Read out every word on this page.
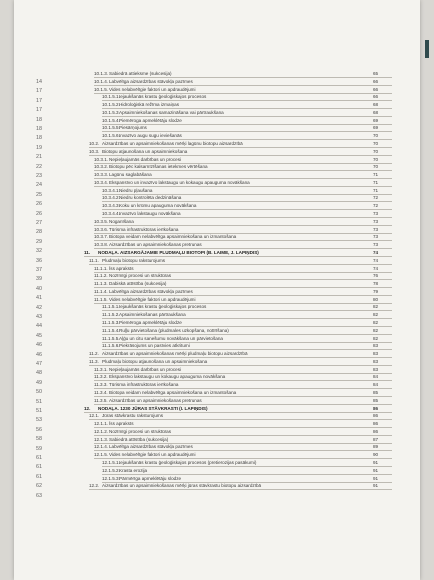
14
17
17
17
18
18
18
19
21
22
23
24
25
26
26
27
28
29
32
36
37
39
40
41
42
43
44
45
46
46
47
48
49
50
51
51
53
56
58
59
61
61
61
62
63
10.1.3. Sabiedrā attieksme (sukcesija)	65
10.1.4. Labvēlīga aizsardzības stāvokļa pazīmes	66
10.1.5. Vides nelabvēlīgie faktori un apdraudējumi	66
10.1.5.1. Iejaukšanās krastu ģeoloģiskajos procesos	66
10.1.5.2. Hidroloģiskā režīma izmaiņas	68
10.1.5.3. Apsaimniekošanas samazināšana vai pārtraukšana	68
10.1.5.4. Piemēroga apmeklētāju slodze	69
10.1.5.5. Piesārņojums	69
10.1.5.6. Invazīvo augu sugu ieviešanās	70
10.2. Aizsardzības un apsaimniekošanas mērķi lagūnu biotopu aizsardzībā	70
10.3. Biotopu atjaunošana un apsaimniekošana	70
10.3.1. Nepieļaujamās darbības un procesi	70
10.3.2. Biotopu pēc kalsarnīzīšanas ietekmes vērtēšana	70
10.3.3. Lagūnu saglabāšana	71
10.3.4. Ekspansīvo un invazīvo lakstaugu un kokaugu apauguma novākšana	71
10.3.4.1. Niedru pļaušana	71
10.3.4.2. Niedru kontrolēta dedzināšana	72
10.3.4.3. Koku un krūmu apauguma novākšana	72
10.3.4.4. Invazīvo lakstaugu novākšana	73
10.3.5. Noganīšana	73
10.3.6. Tūrisma infrastruktūras ierīkošana	73
10.3.7. Biotopa veidam nelabvēlīga apsaimniekošana un izmantošana	73
10.3.8. Aizsardzības un apsaimniekošanas pretrunas	73
11. NODAĻA. AIZSARGĀJAMIE PLUDMAĻU BIOTOPI (B. LAIME, J. LAPIŅDIS)	74
11.1. Pludmaļu biotopu raksturojums	74
11.1.1. Īss apraksts	74
11.1.2. Nozīmīgi procesi un struktūras	76
11.1.3. Dabiskā attīstība (sukcesija)	78
11.1.4. Labvēlīga aizsardzības stāvokļa pazīmes	79
11.1.5. Vides nelabvēlīgie faktori un apdraudējumi	80
11.1.5.1. Iejaukšanās krastu ģeoloģiskajos procesos	82
11.1.5.2. Apsaimniekošanas pārtraukšana	82
11.1.5.3. Piemēroga apmeklētāju slodze	82
11.1.5.4. Ruļļu pārvietošana (pludmales uzkopšana, notīrīšana)	82
11.1.5.5. Aļģu un citu sanešumu novākšana un pārvietošana	82
11.1.5.6. Piekrāsojums un pasīvies atkritumi	83
11.2. Aizsardzības un apsaimniekošanas mērķi pludmaļu biotopu aizsardzībā	83
11.3. Pludmaļu biotopu atjaunošana un apsaimniekošana	83
11.3.1. Nepieļaujamās darbības un procesi	83
11.3.2. Ekspansīvo lakstaugu un kokaugu apauguma novākšana	84
11.3.3. Tūrisma infrastruktūras ierīkošana	84
11.3.4. Biotopa veidam nelabvēlīga apsaimniekošana un izmantošana	85
11.3.5. Aizsardzības un apsaimniekošanas pretrunas	85
12. NODAĻA. 1230 JŪRAS STĀVKRASTI (I. LAPIŅDIS)	86
12.1. Jūras stāvkrastu raksturojums	86
12.1.1. Īss apraksts	86
12.1.2. Nozīmīgi procesi un struktūras	86
12.1.3. Sabiedrā attīstība (sukcesija)	87
12.1.4. Labvēlīga aizsardzības stāvokļa pazīmes	89
12.1.5. Vides nelabvēlīgie faktori un apdraudējumi	90
12.1.5.1. Iejaukšanās krastu ģeoloģiskajos procesos (pretierozijas pasākumi)	91
12.1.5.2. Krasta erozija	91
12.1.5.3. Pārmērīga apmeklētāju slodze	91
12.2. Aizsardzības un apsaimniekošanas mērķi jūras stāvkrastu biotopu aizsardzībā	91
